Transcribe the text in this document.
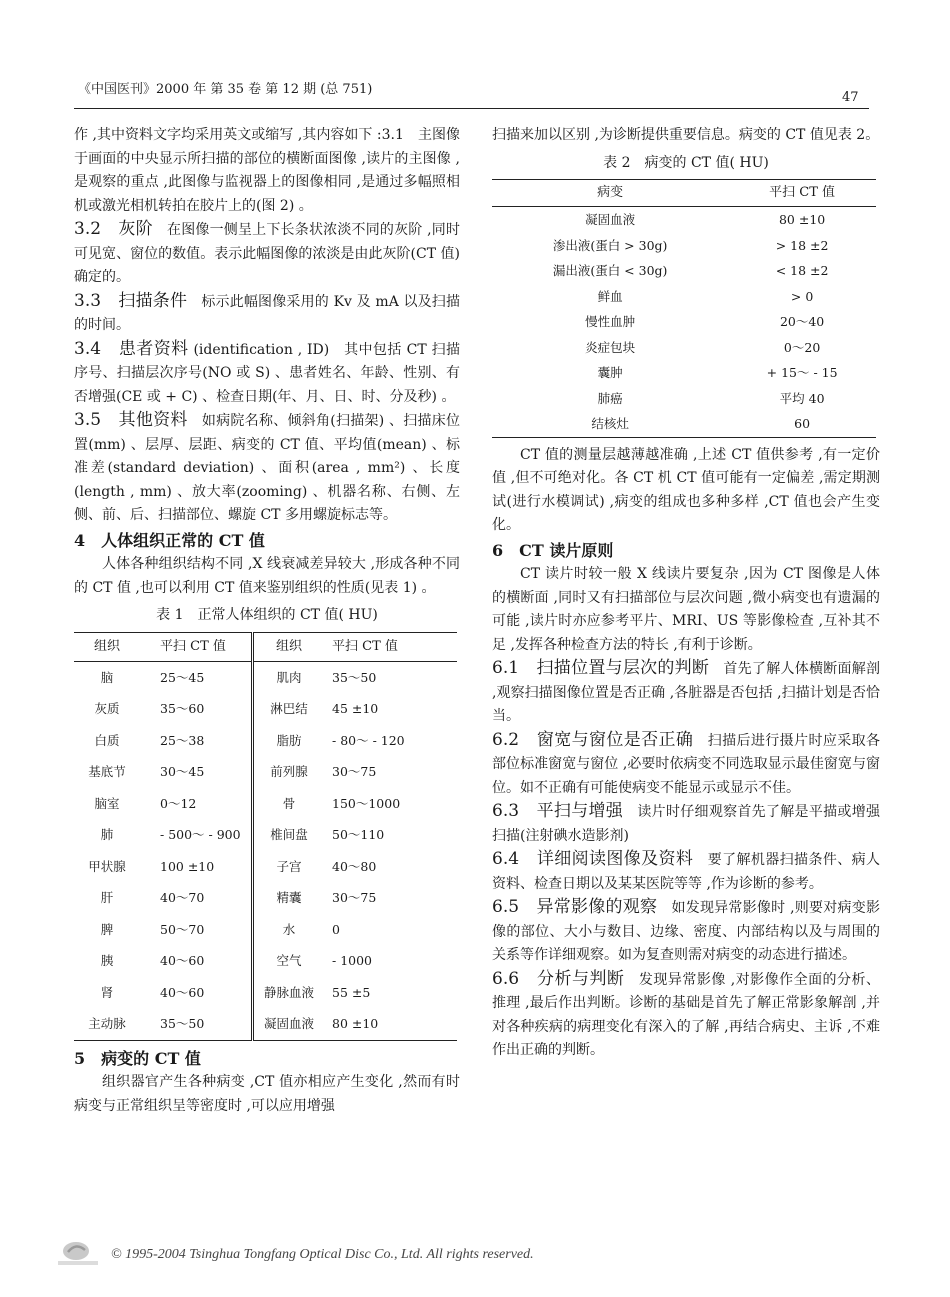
《中国医刊》2000 年 第 35 卷 第 12 期 (总 751)
47

作 ,其中资料文字均采用英文或缩写 ,其内容如下 :3.1　主图像　于画面的中央显示所扫描的部位的横断面图像 ,读片的主图像 ,是观察的重点 ,此图像与监视器上的图像相同 ,是通过多幅照相机或激光相机转拍在胶片上的(图 2) 。

3.2　灰阶　在图像一侧呈上下长条状浓淡不同的灰阶 ,同时可见宽、窗位的数值。表示此幅图像的浓淡是由此灰阶(CT 值) 确定的。

3.3　扫描条件　标示此幅图像采用的 Kv 及 mA 以及扫描的时间。

3.4　患者资料 (identification , ID)　其中包括 CT 扫描序号、扫描层次序号(NO 或 S) 、患者姓名、年龄、性别、有否增强(CE 或 + C) 、检查日期(年、月、日、时、分及秒) 。

3.5　其他资料　如病院名称、倾斜角(扫描架) 、扫描床位置(mm) 、层厚、层距、病变的 CT 值、平均值(mean) 、标准差(standard deviation) 、面积(area , mm²) 、长度(length , mm) 、放大率(zooming) 、机器名称、右侧、左侧、前、后、扫描部位、螺旋 CT 多用螺旋标志等。

4　人体组织正常的 CT 值

人体各种组织结构不同 ,X 线衰减差异较大 ,形成各种不同的 CT 值 ,也可以利用 CT 值来鉴别组织的性质(见表 1) 。

表 1　正常人体组织的 CT 值( HU)
组织	平扫 CT 值	组织	平扫 CT 值
脑	25～45	肌肉	35～50
灰质	35～60	淋巴结	45 ±10
白质	25～38	脂肪	- 80～ - 120
基底节	30～45	前列腺	30～75
脑室	0～12	骨	150～1000
肺	- 500～ - 900	椎间盘	50～110
甲状腺	100 ±10	子宫	40～80
肝	40～70	精囊	30～75
脾	50～70	水	0
胰	40～60	空气	- 1000
肾	40～60	静脉血液	55 ±5
主动脉	35～50	凝固血液	80 ±10
5　病变的 CT 值

组织器官产生各种病变 ,CT 值亦相应产生变化 ,然而有时病变与正常组织呈等密度时 ,可以应用增强

扫描来加以区别 ,为诊断提供重要信息。病变的 CT 值见表 2。

表 2　病变的 CT 值( HU)
病变	平扫 CT 值
凝固血液	80 ±10
渗出液(蛋白 > 30g)	> 18 ±2
漏出液(蛋白 < 30g)	< 18 ±2
鲜血	> 0
慢性血肿	20～40
炎症包块	0～20
囊肿	+ 15～ - 15
肺癌	平均 40
结核灶	60

CT 值的测量层越薄越准确 ,上述 CT 值供参考 ,有一定价值 ,但不可绝对化。各 CT 机 CT 值可能有一定偏差 ,需定期测试(进行水模调试) ,病变的组成也多种多样 ,CT 值也会产生变化。

6　CT 读片原则

CT 读片时较一般 X 线读片要复杂 ,因为 CT 图像是人体的横断面 ,同时又有扫描部位与层次问题 ,微小病变也有遗漏的可能 ,读片时亦应参考平片、MRI、US 等影像检查 ,互补其不足 ,发挥各种检查方法的特长 ,有利于诊断。

6.1　扫描位置与层次的判断　首先了解人体横断面解剖 ,观察扫描图像位置是否正确 ,各脏器是否包括 ,扫描计划是否恰当。

6.2　窗宽与窗位是否正确　扫描后进行摄片时应采取各部位标准窗宽与窗位 ,必要时依病变不同选取显示最佳窗宽与窗位。如不正确有可能使病变不能显示或显示不佳。

6.3　平扫与增强　读片时仔细观察首先了解是平描或增强扫描(注射碘水造影剂)

6.4　详细阅读图像及资料　要了解机器扫描条件、病人资料、检查日期以及某某医院等等 ,作为诊断的参考。

6.5　异常影像的观察　如发现异常影像时 ,则要对病变影像的部位、大小与数目、边缘、密度、内部结构以及与周围的关系等作详细观察。如为复查则需对病变的动态进行描述。

6.6　分析与判断　发现异常影像 ,对影像作全面的分析、推理 ,最后作出判断。诊断的基础是首先了解正常影象解剖 ,并对各种疾病的病理变化有深入的了解 ,再结合病史、主诉 ,不难作出正确的判断。

© 1995-2004 Tsinghua Tongfang Optical Disc Co., Ltd. All rights reserved.
